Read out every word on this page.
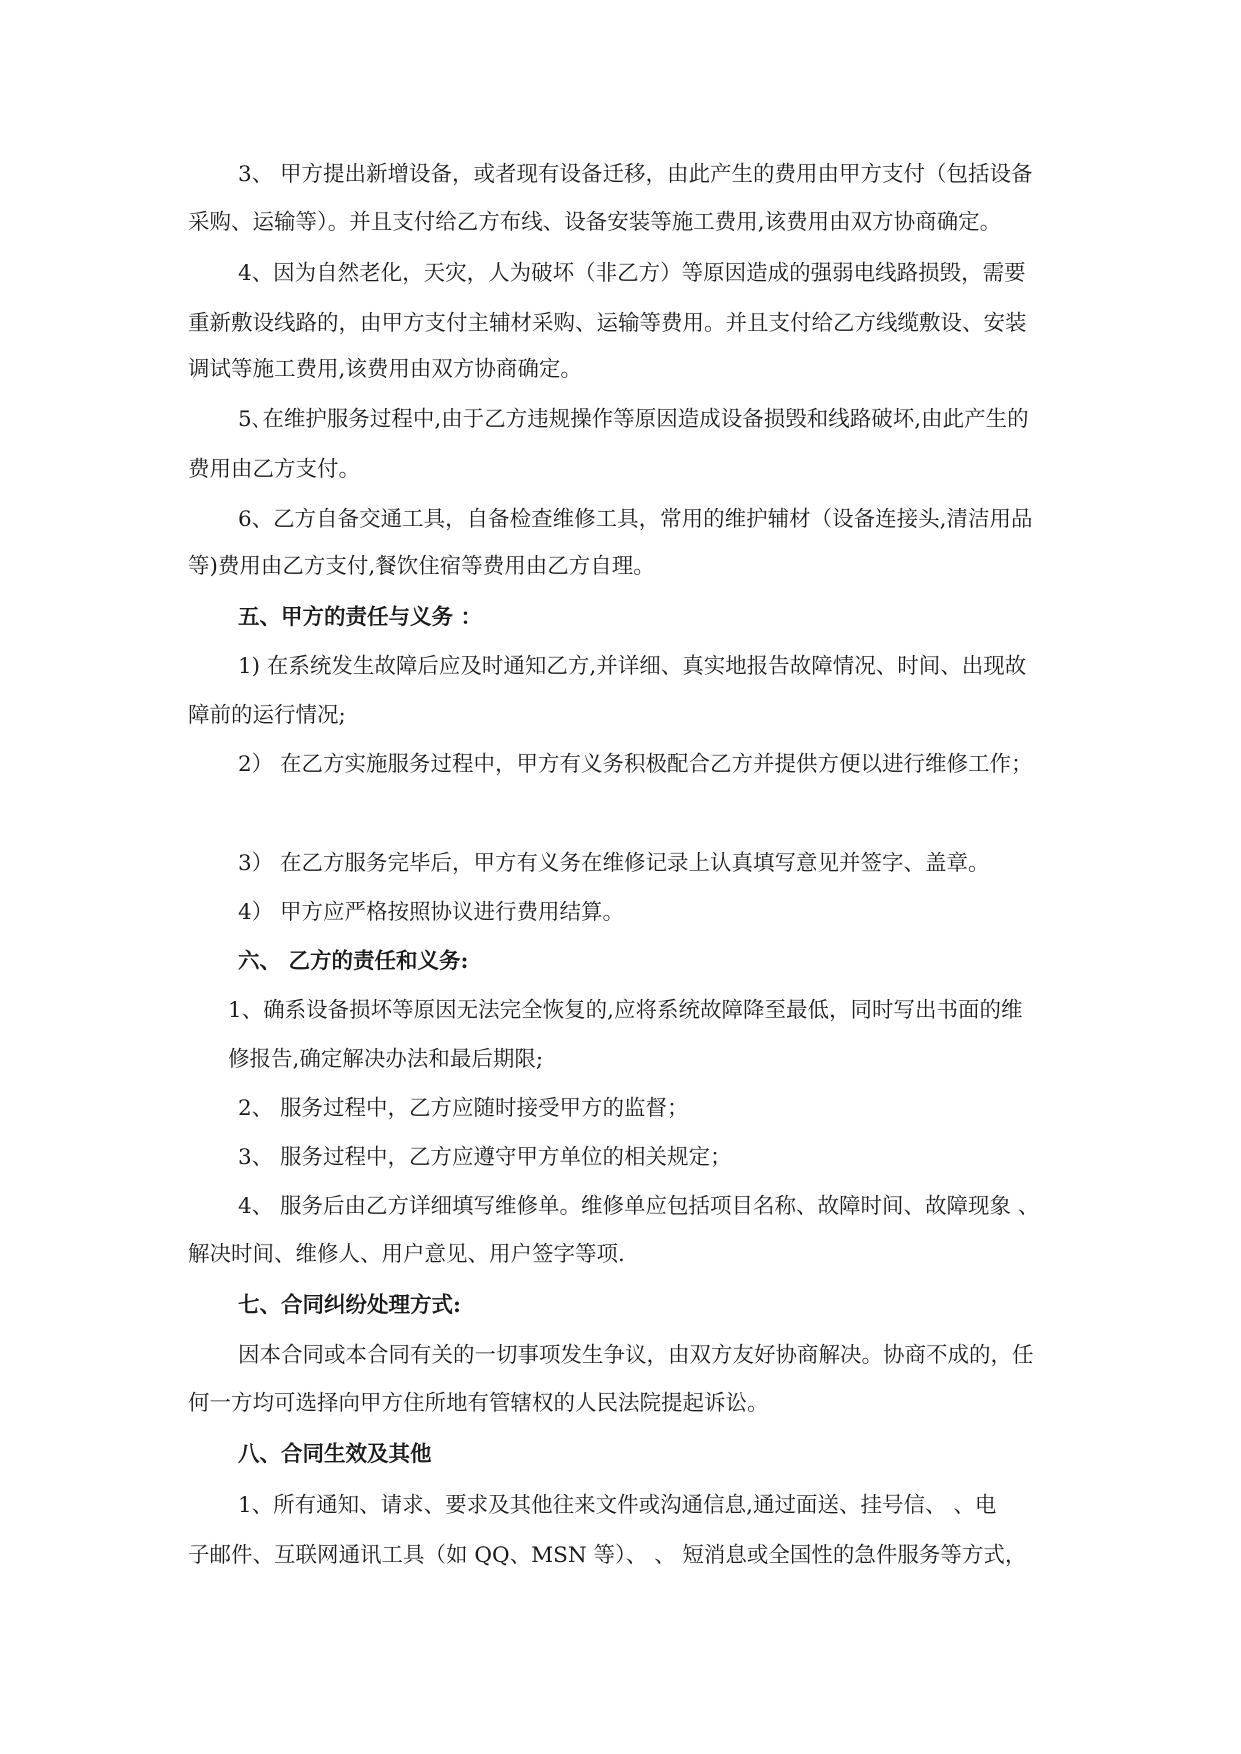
3、 甲方提出新增设备，或者现有设备迁移，由此产生的费用由甲方支付（包括设备
采购、运输等）。并且支付给乙方布线、设备安装等施工费用,该费用由双方协商确定。
4、因为自然老化，天灾，人为破坏（非乙方）等原因造成的强弱电线路损毁，需要
重新敷设线路的，由甲方支付主辅材采购、运输等费用。并且支付给乙方线缆敷设、安装
调试等施工费用,该费用由双方协商确定。
5､在维护服务过程中,由于乙方违规操作等原因造成设备损毁和线路破坏,由此产生的
费用由乙方支付。
6、乙方自备交通工具，自备检查维修工具，常用的维护辅材（设备连接头,清洁用品
等)费用由乙方支付,餐饮住宿等费用由乙方自理。
五、甲方的责任与义务 ：
1) 在系统发生故障后应及时通知乙方,并详细、真实地报告故障情况、时间、出现故
障前的运行情况;
2） 在乙方实施服务过程中，甲方有义务积极配合乙方并提供方便以进行维修工作；
3） 在乙方服务完毕后，甲方有义务在维修记录上认真填写意见并签字、盖章。
4） 甲方应严格按照协议进行费用结算。
六、 乙方的责任和义务:
1、确系设备损坏等原因无法完全恢复的,应将系统故障降至最低，同时写出书面的维
修报告,确定解决办法和最后期限;
2、 服务过程中，乙方应随时接受甲方的监督；
3、 服务过程中，乙方应遵守甲方单位的相关规定；
4、 服务后由乙方详细填写维修单。维修单应包括项目名称、故障时间、故障现象 、
解决时间、维修人、用户意见、用户签字等项.
七、合同纠纷处理方式:
因本合同或本合同有关的一切事项发生争议，由双方友好协商解决。协商不成的，任
何一方均可选择向甲方住所地有管辖权的人民法院提起诉讼。
八、合同生效及其他
1、所有通知、请求、要求及其他往来文件或沟通信息,通过面送、挂号信、 、电
子邮件、互联网通讯工具（如 QQ、MSN 等）、 、 短消息或全国性的急件服务等方式，
